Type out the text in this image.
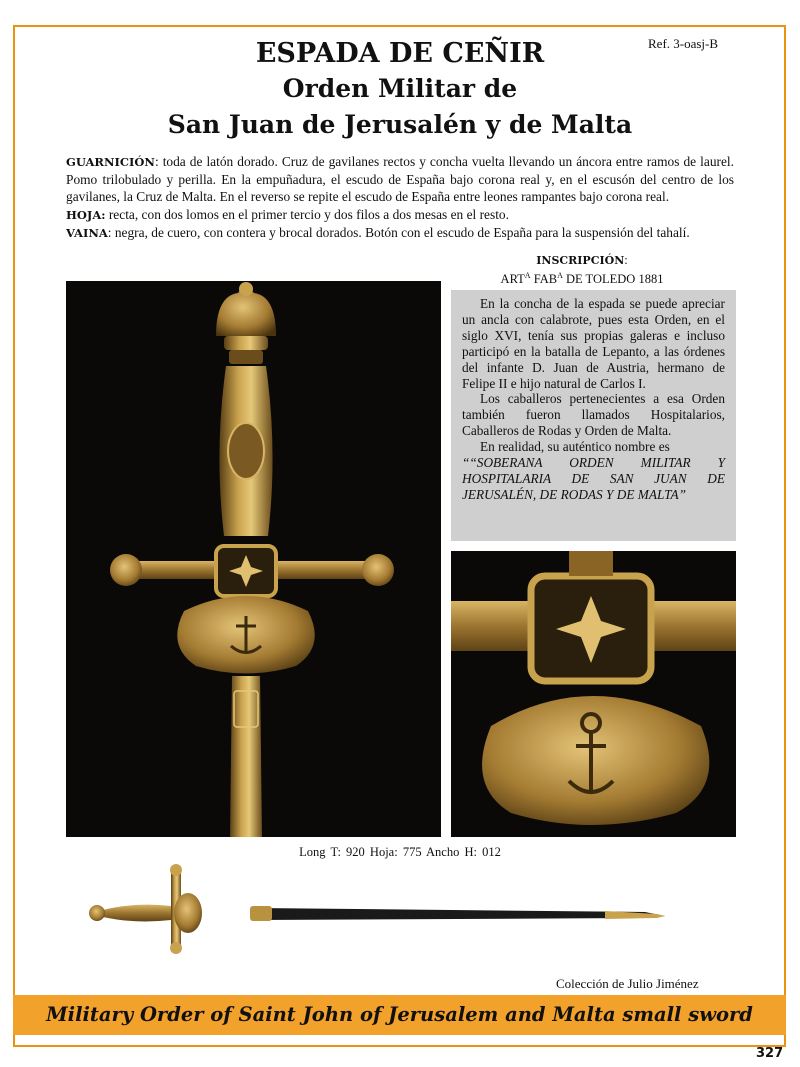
Ref. 3-oasj-B
ESPADA DE CEÑIR
Orden Militar de
San Juan de Jerusalén y de Malta

GUARNICIÓN: toda de latón dorado. Cruz de gavilanes rectos y concha vuelta llevando un áncora entre ramos de laurel. Pomo trilobulado y perilla. En la empuñadura, el escudo de España bajo corona real y, en el escusón del centro de los gavilanes, la Cruz de Malta. En el reverso se repite el escudo de España entre leones rampantes bajo corona real.

HOJA: recta, con dos lomos en el primer tercio y dos filos a dos mesas en el resto.

VAINA: negra, de cuero, con contera y brocal dorados. Botón con el escudo de España para la suspensión del tahalí.

INSCRIPCIÓN:
$ART^A$ $FAB^A$ DE TOLEDO 1881

En la concha de la espada se puede apreciar un ancla con calabrote, pues esta Orden, en el siglo XVI, tenía sus propias galeras e incluso participó en la batalla de Lepanto, a las órdenes del infante D. Juan de Austria, hermano de Felipe II e hijo natural de Carlos I.

Los caballeros pertenecientes a esa Orden también fueron llamados Hospitalarios, Caballeros de Rodas y Orden de Malta.

En realidad, su auténtico nombre es

““SOBERANA ORDEN MILITAR Y HOSPITALARIA DE SAN JUAN DE JERUSALÉN, DE RODAS Y DE MALTA”

Long T: 920 Hoja: 775 Ancho H: 012
Colección de Julio Jiménez
Military Order of Saint John of Jerusalem and Malta small sword
327
